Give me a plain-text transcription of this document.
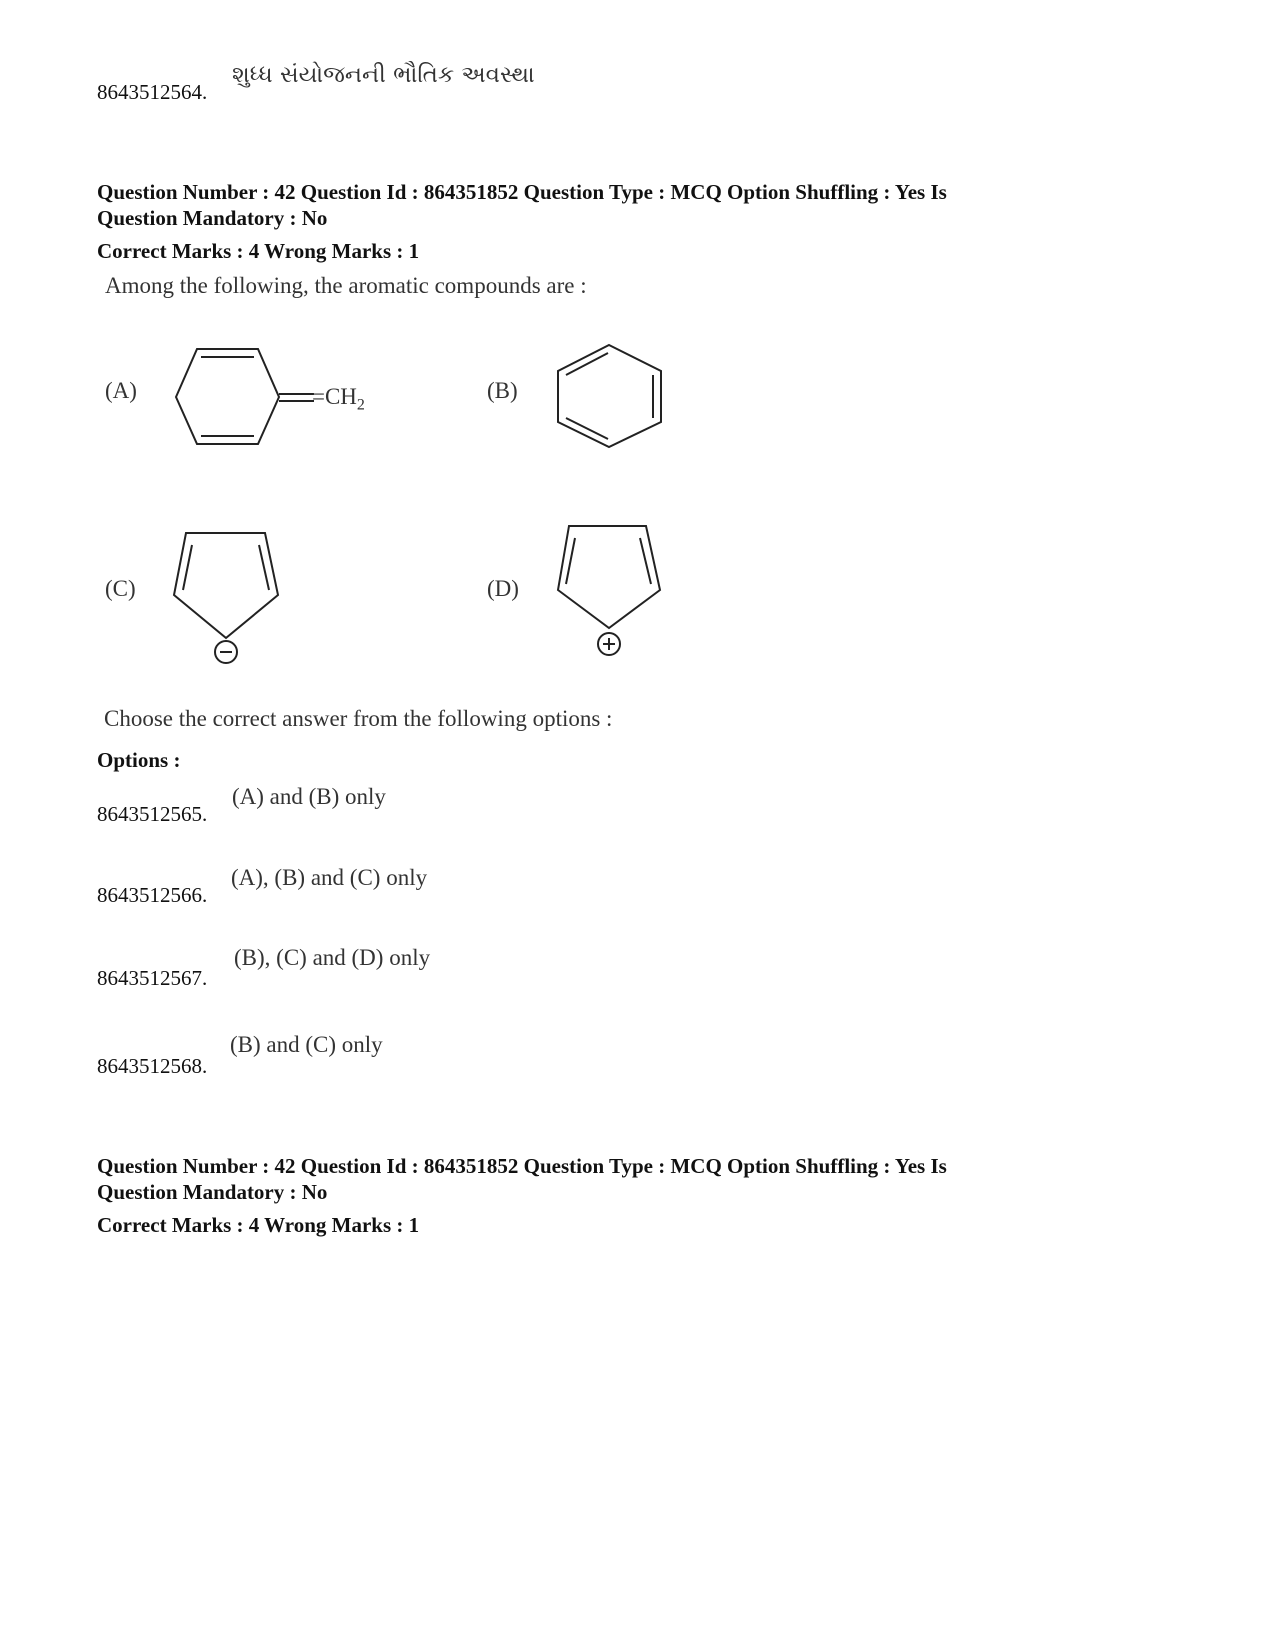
8643512564.
શુધ્ધ સંયોજનની ભૌતિક અવસ્થા
Question Number : 42 Question Id : 864351852 Question Type : MCQ Option Shuffling : Yes Is
Question Mandatory : No
Correct Marks : 4 Wrong Marks : 1
Among the following, the aromatic compounds are :
(A)	$=CH_2$
(B)
(C)	(D)
Choose the correct answer from the following options :
Options :
8643512565.
(A) and (B) only
8643512566.
(A), (B) and (C) only
8643512567.
(B), (C) and (D) only
8643512568.
(B) and (C) only
Question Number : 42 Question Id : 864351852 Question Type : MCQ Option Shuffling : Yes Is
Question Mandatory : No
Correct Marks : 4 Wrong Marks : 1
